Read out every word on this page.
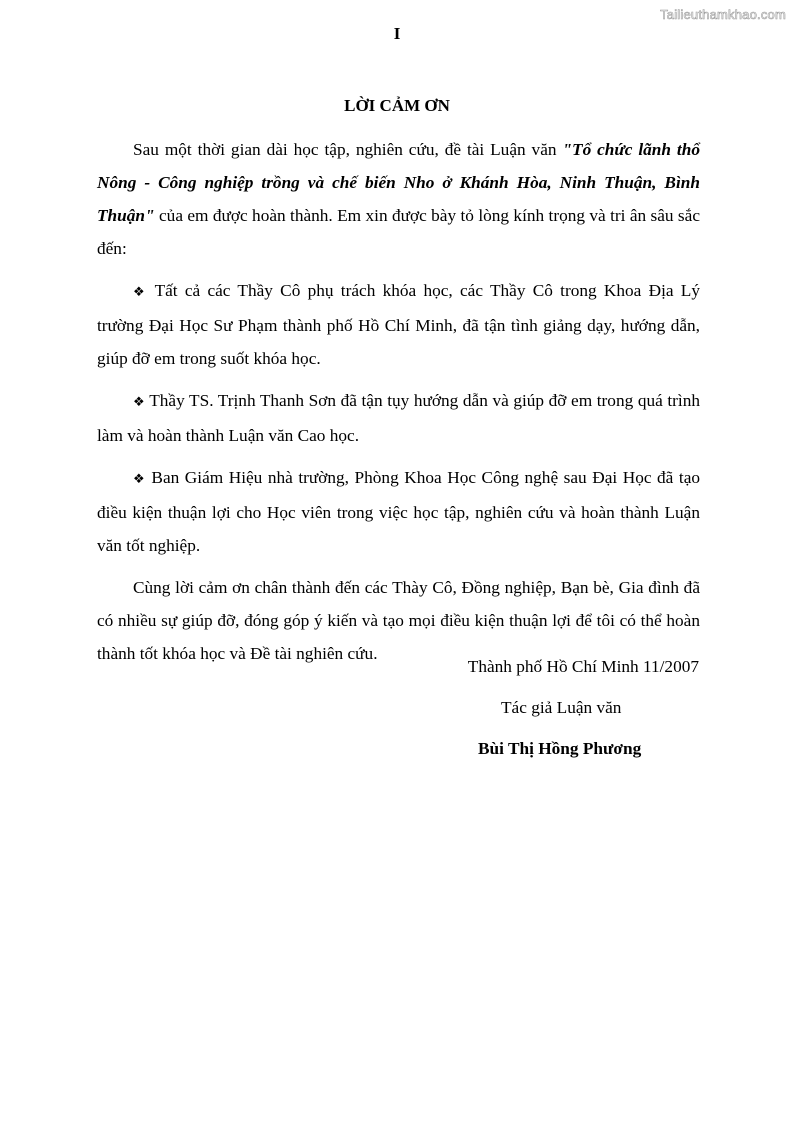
Tailieuthamkhao.com
I
LỜI CẢM ƠN

Sau một thời gian dài học tập, nghiên cứu, đề tài Luận văn "Tổ chức lãnh thổ Nông - Công nghiệp trồng và chế biến Nho ở Khánh Hòa, Ninh Thuận, Bình Thuận" của em được hoàn thành. Em xin được bày tỏ lòng kính trọng và tri ân sâu sắc đến:

❖ Tất cả các Thầy Cô phụ trách khóa học, các Thầy Cô trong Khoa Địa Lý trường Đại Học Sư Phạm thành phố Hồ Chí Minh, đã tận tình giảng dạy, hướng dẫn, giúp đỡ em trong suốt khóa học.

❖ Thầy TS. Trịnh Thanh Sơn đã tận tụy hướng dẫn và giúp đỡ em trong quá trình làm và hoàn thành Luận văn Cao học.

❖ Ban Giám Hiệu nhà trường, Phòng Khoa Học Công nghệ sau Đại Học đã tạo điều kiện thuận lợi cho Học viên trong việc học tập, nghiên cứu và hoàn thành Luận văn tốt nghiệp.

Cùng lời cảm ơn chân thành đến các Thày Cô, Đồng nghiệp, Bạn bè, Gia đình đã có nhiều sự giúp đỡ, đóng góp ý kiến và tạo mọi điều kiện thuận lợi để tôi có thể hoàn thành tốt khóa học và Đề tài nghiên cứu.

Thành phố Hồ Chí Minh 11/2007
Tác giả Luận văn
Bùi Thị Hồng Phương
